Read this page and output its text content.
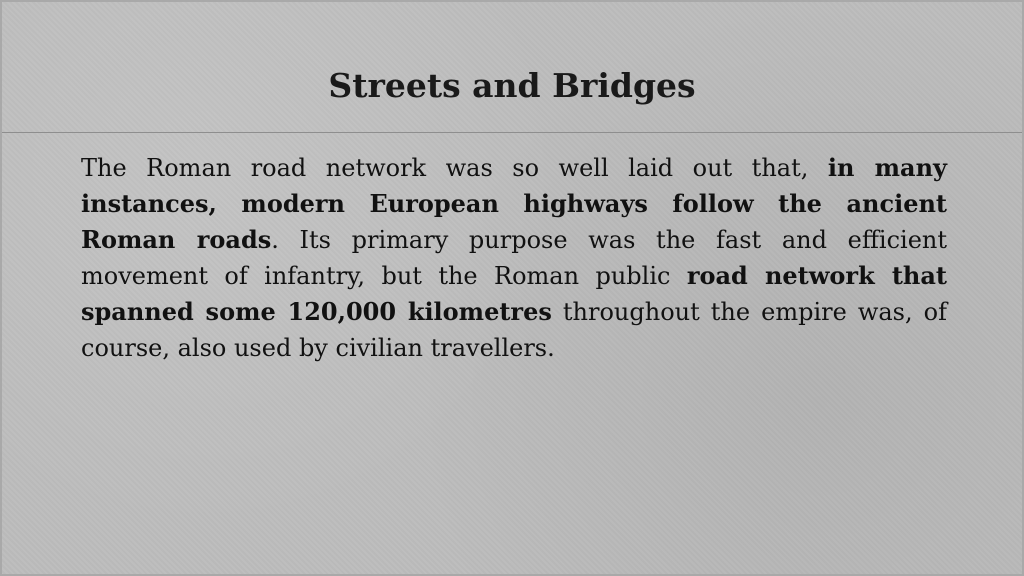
Streets and Bridges

The Roman road network was so well laid out that, in many instances, modern European highways follow the ancient Roman roads. Its primary purpose was the fast and efficient movement of infantry, but the Roman public road network that spanned some 120,000 kilometres throughout the empire was, of course, also used by civilian travellers.
